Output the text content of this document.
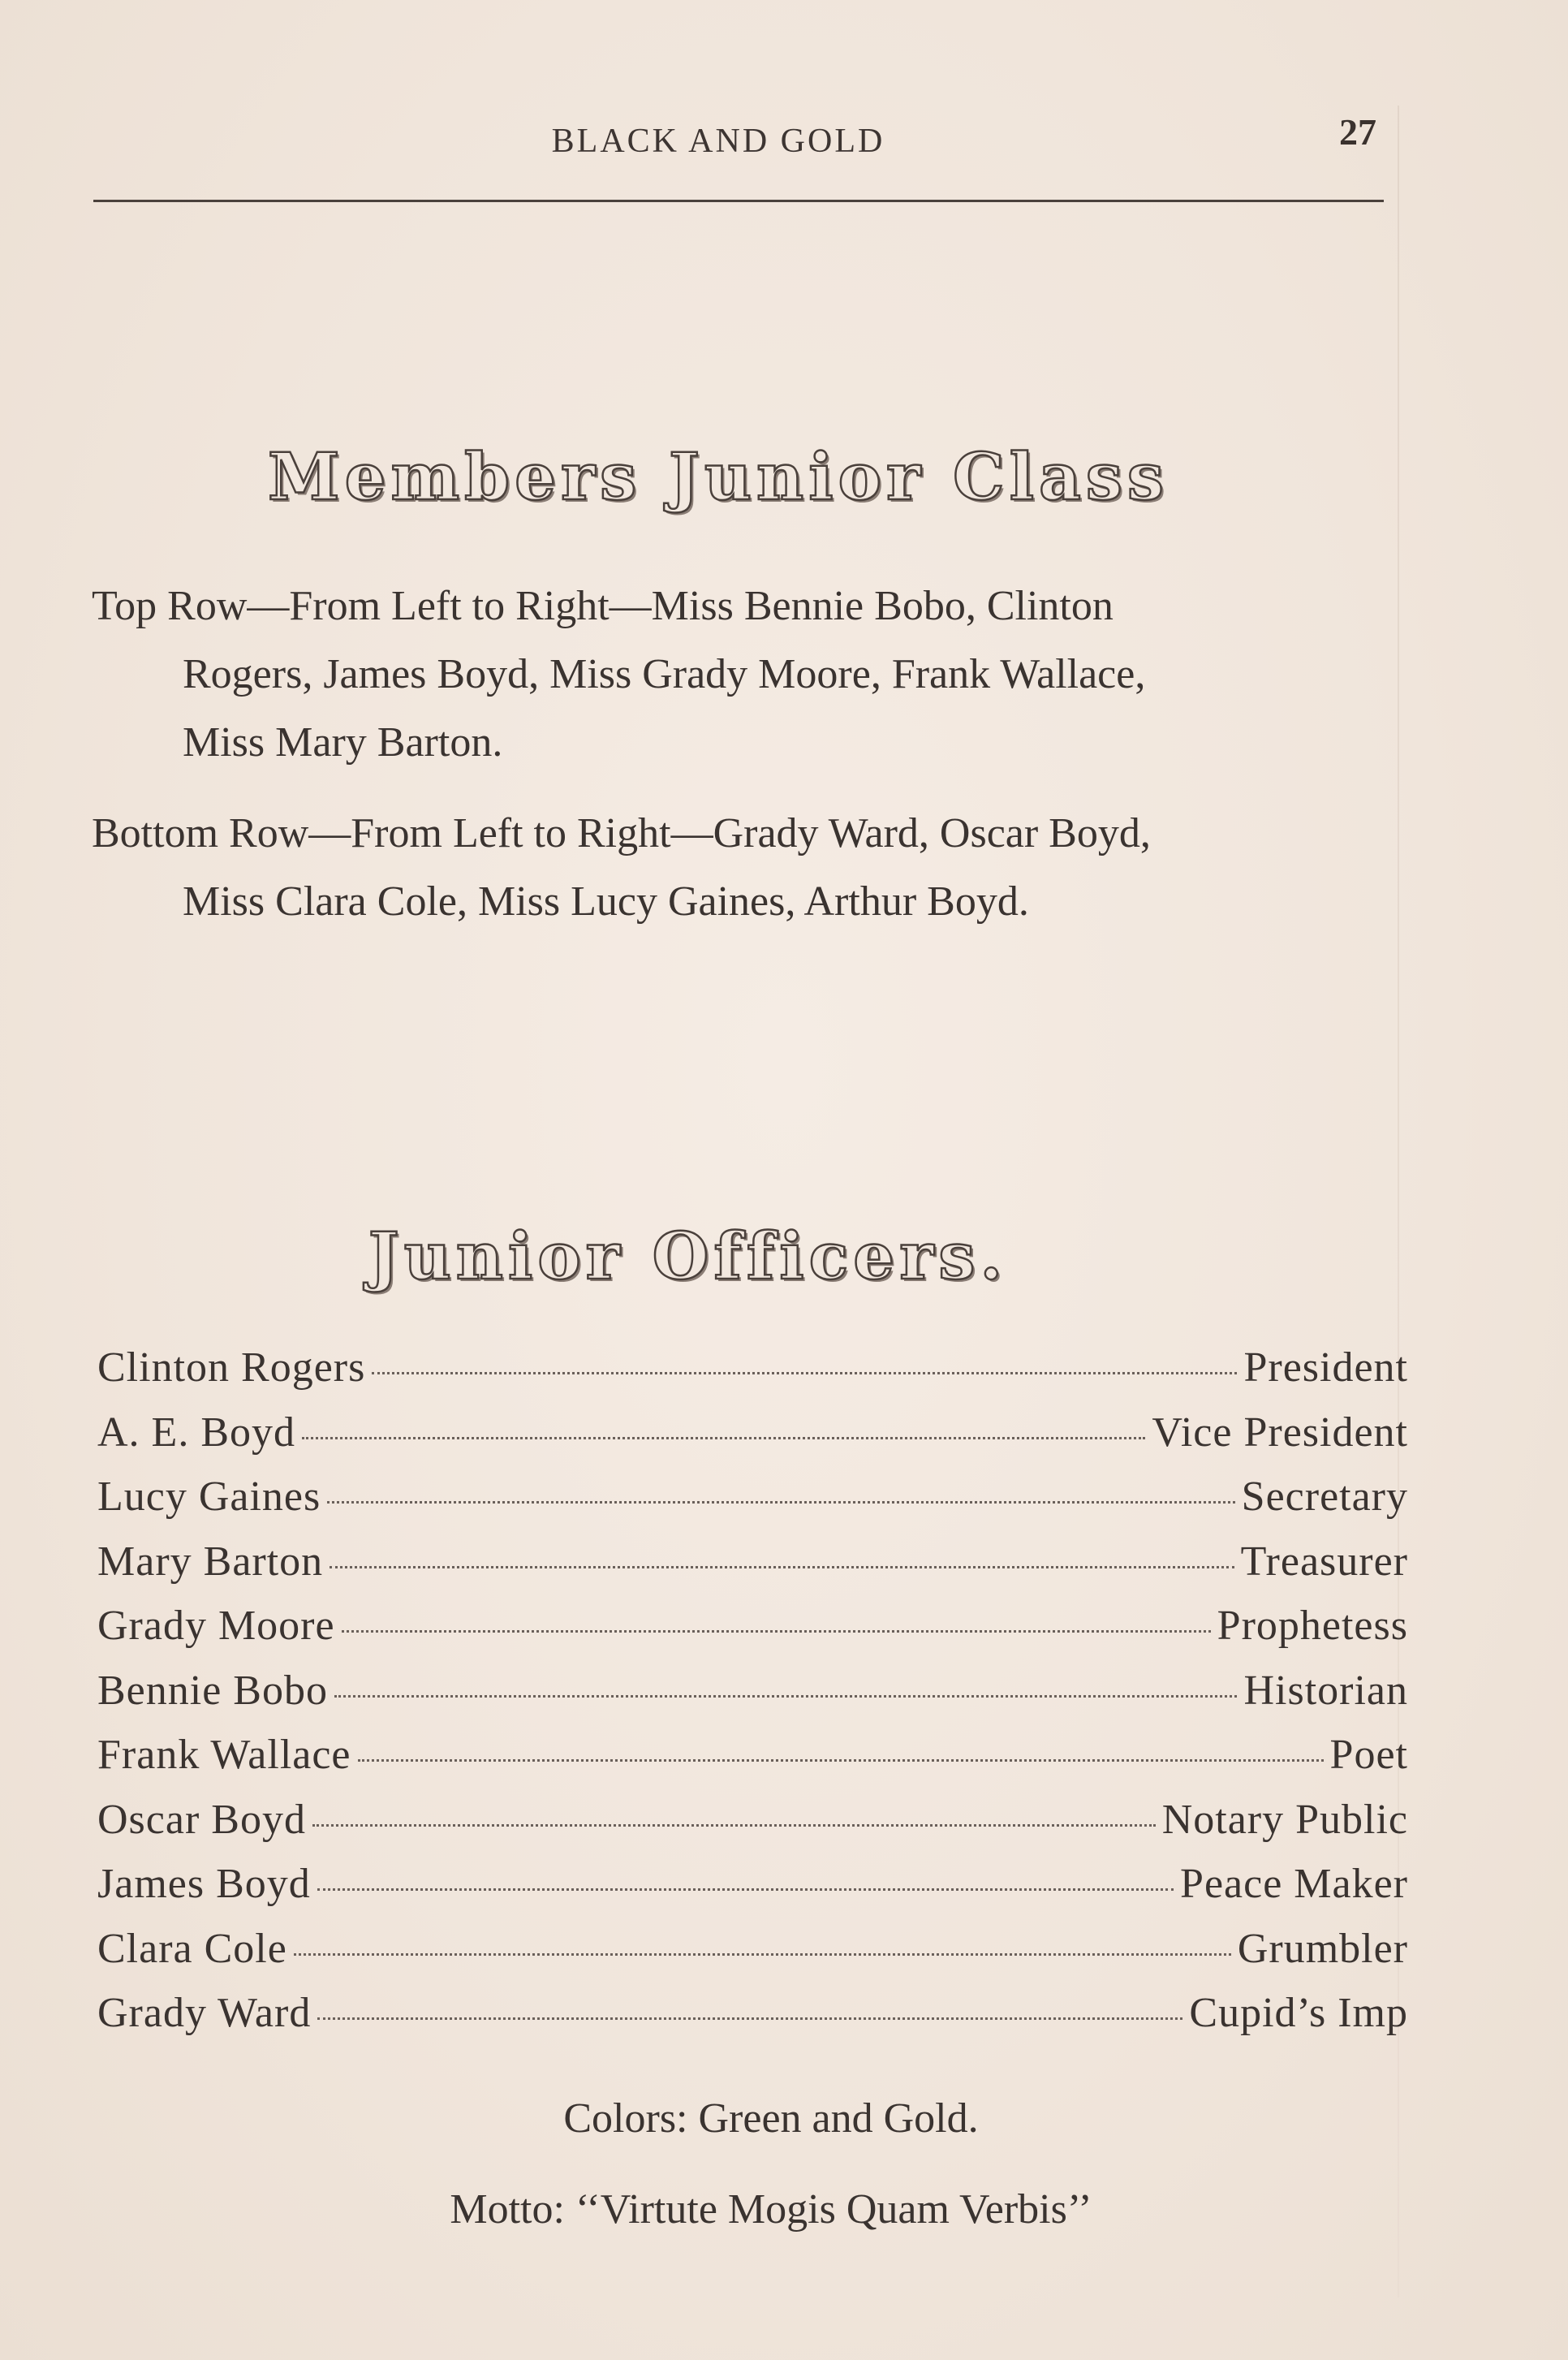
BLACK AND GOLD	27
Members Junior Class
Top Row—From Left to Right—Miss Bennie Bobo, Clinton
Rogers, James Boyd, Miss Grady Moore, Frank Wallace,
Miss Mary Barton.
Bottom Row—From Left to Right—Grady Ward, Oscar Boyd,
Miss Clara Cole, Miss Lucy Gaines, Arthur Boyd.
Junior Officers.
Clinton Rogers	President
A. E. Boyd	Vice President
Lucy Gaines	Secretary
Mary Barton	Treasurer
Grady Moore	Prophetess
Bennie Bobo	Historian
Frank Wallace	Poet
Oscar Boyd	Notary Public
James Boyd	Peace Maker
Clara Cole	Grumbler
Grady Ward	Cupid’s Imp
Colors: Green and Gold.
Motto: ‘‘Virtute Mogis Quam Verbis’’
